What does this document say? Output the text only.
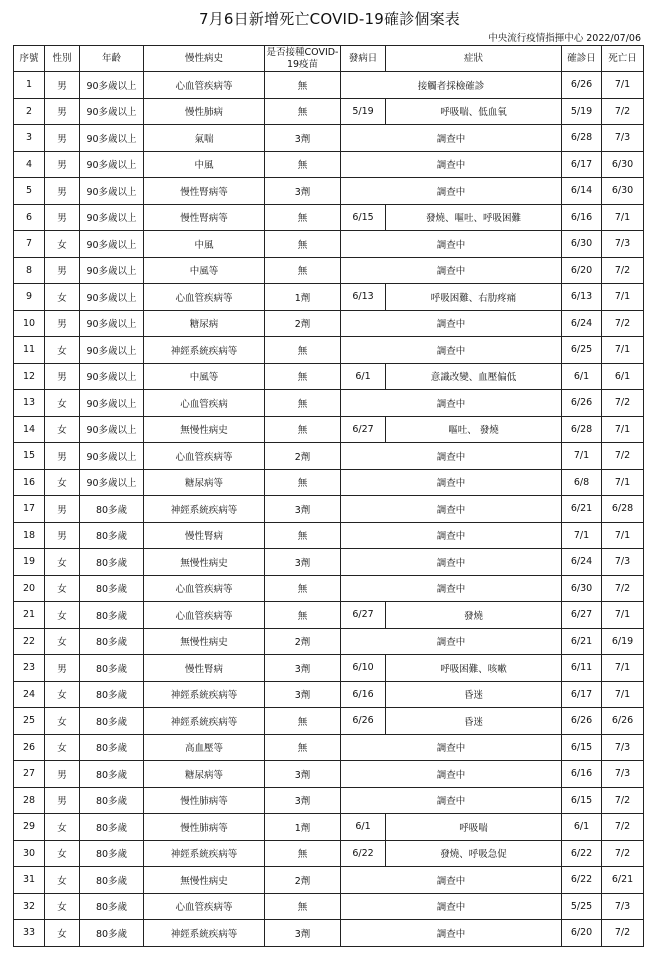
7月6日新增死亡COVID-19確診個案表
中央流行疫情指揮中心 2022/07/06
序號	性別	年齡	慢性病史	是否接種COVID-19疫苗	發病日	症狀	確診日	死亡日
1	男	90多歲以上	心血管疾病等	無	接觸者採檢確診		6/26	7/1
2	男	90多歲以上	慢性肺病	無	5/19	呼吸喘、低血氧	5/19	7/2
3	男	90多歲以上	氣喘	3劑	調查中		6/28	7/3
4	男	90多歲以上	中風	無	調查中		6/17	6/30
5	男	90多歲以上	慢性腎病等	3劑	調查中		6/14	6/30
6	男	90多歲以上	慢性腎病等	無	6/15	發燒、嘔吐、呼吸困難	6/16	7/1
7	女	90多歲以上	中風	無	調查中		6/30	7/3
8	男	90多歲以上	中風等	無	調查中		6/20	7/2
9	女	90多歲以上	心血管疾病等	1劑	6/13	呼吸困難、右肋疼痛	6/13	7/1
10	男	90多歲以上	糖尿病	2劑	調查中		6/24	7/2
11	女	90多歲以上	神經系統疾病等	無	調查中		6/25	7/1
12	男	90多歲以上	中風等	無	6/1	意識改變、血壓偏低	6/1	6/1
13	女	90多歲以上	心血管疾病	無	調查中		6/26	7/2
14	女	90多歲以上	無慢性病史	無	6/27	嘔吐、 發燒	6/28	7/1
15	男	90多歲以上	心血管疾病等	2劑	調查中		7/1	7/2
16	女	90多歲以上	糖尿病等	無	調查中		6/8	7/1
17	男	80多歲	神經系統疾病等	3劑	調查中		6/21	6/28
18	男	80多歲	慢性腎病	無	調查中		7/1	7/1
19	女	80多歲	無慢性病史	3劑	調查中		6/24	7/3
20	女	80多歲	心血管疾病等	無	調查中		6/30	7/2
21	女	80多歲	心血管疾病等	無	6/27	發燒	6/27	7/1
22	女	80多歲	無慢性病史	2劑	調查中		6/21	6/19
23	男	80多歲	慢性腎病	3劑	6/10	呼吸困難、咳嗽	6/11	7/1
24	女	80多歲	神經系統疾病等	3劑	6/16	昏迷	6/17	7/1
25	女	80多歲	神經系統疾病等	無	6/26	昏迷	6/26	6/26
26	女	80多歲	高血壓等	無	調查中		6/15	7/3
27	男	80多歲	糖尿病等	3劑	調查中		6/16	7/3
28	男	80多歲	慢性肺病等	3劑	調查中		6/15	7/2
29	女	80多歲	慢性肺病等	1劑	6/1	呼吸喘	6/1	7/2
30	女	80多歲	神經系統疾病等	無	6/22	發燒、呼吸急促	6/22	7/2
31	女	80多歲	無慢性病史	2劑	調查中		6/22	6/21
32	女	80多歲	心血管疾病等	無	調查中		5/25	7/3
33	女	80多歲	神經系統疾病等	3劑	調查中		6/20	7/2
